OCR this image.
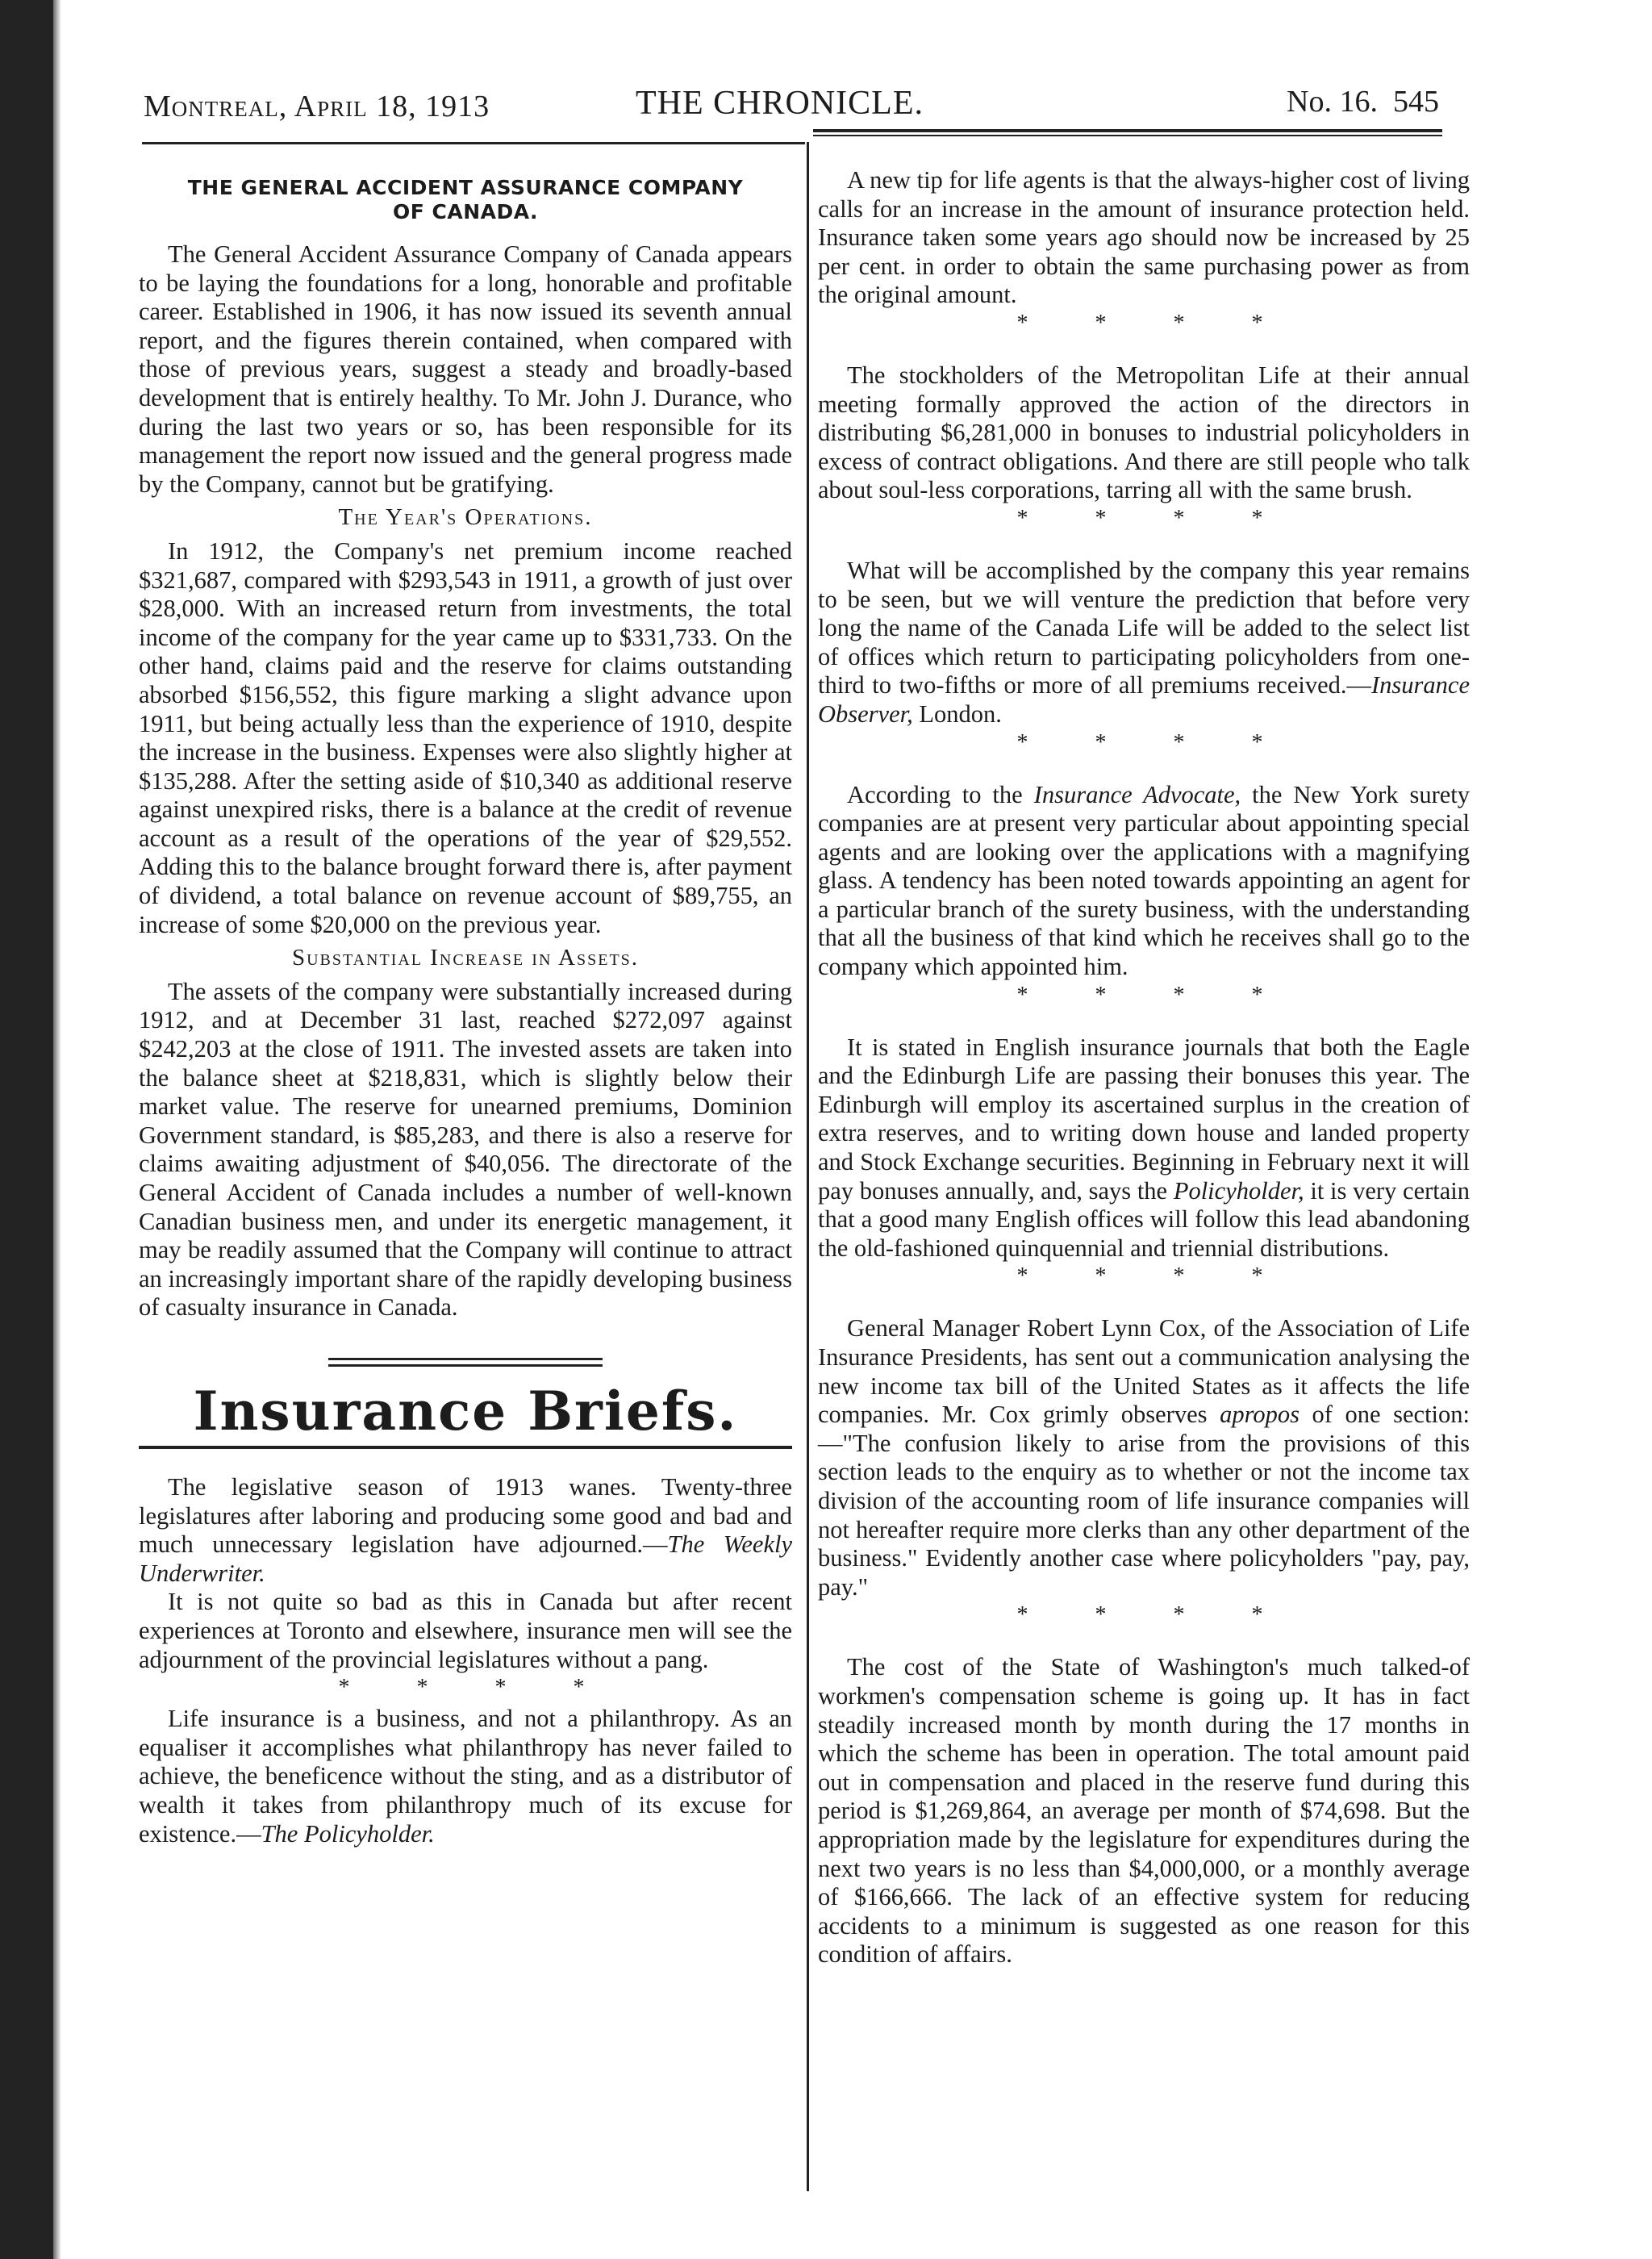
Montreal, April 18, 1913	THE CHRONICLE.	No. 16. 545
THE GENERAL ACCIDENT ASSURANCE COMPANY
OF CANADA.

The General Accident Assurance Company of Canada appears to be laying the foundations for a long, honorable and profitable career. Established in 1906, it has now issued its seventh annual report, and the figures therein contained, when compared with those of previous years, suggest a steady and broadly-based development that is entirely healthy. To Mr. John J. Durance, who during the last two years or so, has been responsible for its management the report now issued and the general progress made by the Company, cannot but be gratifying.

The Year's Operations.

In 1912, the Company's net premium income reached $321,687, compared with $293,543 in 1911, a growth of just over $28,000. With an increased return from investments, the total income of the company for the year came up to $331,733. On the other hand, claims paid and the reserve for claims outstanding absorbed $156,552, this figure marking a slight advance upon 1911, but being actually less than the experience of 1910, despite the increase in the business. Expenses were also slightly higher at $135,288. After the setting aside of $10,340 as additional reserve against unexpired risks, there is a balance at the credit of revenue account as a result of the operations of the year of $29,552. Adding this to the balance brought forward there is, after payment of dividend, a total balance on revenue account of $89,755, an increase of some $20,000 on the previous year.

Substantial Increase in Assets.

The assets of the company were substantially increased during 1912, and at December 31 last, reached $272,097 against $242,203 at the close of 1911. The invested assets are taken into the balance sheet at $218,831, which is slightly below their market value. The reserve for unearned premiums, Dominion Government standard, is $85,283, and there is also a reserve for claims awaiting adjustment of $40,056. The directorate of the General Accident of Canada includes a number of well-known Canadian business men, and under its energetic management, it may be readily assumed that the Company will continue to attract an increasingly important share of the rapidly developing business of casualty insurance in Canada.

Insurance Briefs.

The legislative season of 1913 wanes. Twenty-three legislatures after laboring and producing some good and bad and much unnecessary legislation have adjourned.—The Weekly Underwriter.

It is not quite so bad as this in Canada but after recent experiences at Toronto and elsewhere, insurance men will see the adjournment of the provincial legislatures without a pang.

* * * *

Life insurance is a business, and not a philanthropy. As an equaliser it accomplishes what philanthropy has never failed to achieve, the beneficence without the sting, and as a distributor of wealth it takes from philanthropy much of its excuse for existence.—The Policyholder.

A new tip for life agents is that the always-higher cost of living calls for an increase in the amount of insurance protection held. Insurance taken some years ago should now be increased by 25 per cent. in order to obtain the same purchasing power as from the original amount.

* * * *

The stockholders of the Metropolitan Life at their annual meeting formally approved the action of the directors in distributing $6,281,000 in bonuses to industrial policyholders in excess of contract obligations. And there are still people who talk about soul-less corporations, tarring all with the same brush.

* * * *

What will be accomplished by the company this year remains to be seen, but we will venture the prediction that before very long the name of the Canada Life will be added to the select list of offices which return to participating policyholders from one-third to two-fifths or more of all premiums received.—Insurance Observer, London.

* * * *

According to the Insurance Advocate, the New York surety companies are at present very particular about appointing special agents and are looking over the applications with a magnifying glass. A tendency has been noted towards appointing an agent for a particular branch of the surety business, with the understanding that all the business of that kind which he receives shall go to the company which appointed him.

* * * *

It is stated in English insurance journals that both the Eagle and the Edinburgh Life are passing their bonuses this year. The Edinburgh will employ its ascertained surplus in the creation of extra reserves, and to writing down house and landed property and Stock Exchange securities. Beginning in February next it will pay bonuses annually, and, says the Policyholder, it is very certain that a good many English offices will follow this lead abandoning the old-fashioned quinquennial and triennial distributions.

* * * *

General Manager Robert Lynn Cox, of the Association of Life Insurance Presidents, has sent out a communication analysing the new income tax bill of the United States as it affects the life companies. Mr. Cox grimly observes apropos of one section:—"The confusion likely to arise from the provisions of this section leads to the enquiry as to whether or not the income tax division of the accounting room of life insurance companies will not hereafter require more clerks than any other department of the business." Evidently another case where policyholders "pay, pay, pay."

* * * *

The cost of the State of Washington's much talked-of workmen's compensation scheme is going up. It has in fact steadily increased month by month during the 17 months in which the scheme has been in operation. The total amount paid out in compensation and placed in the reserve fund during this period is $1,269,864, an average per month of $74,698. But the appropriation made by the legislature for expenditures during the next two years is no less than $4,000,000, or a monthly average of $166,666. The lack of an effective system for reducing accidents to a minimum is suggested as one reason for this condition of affairs.
